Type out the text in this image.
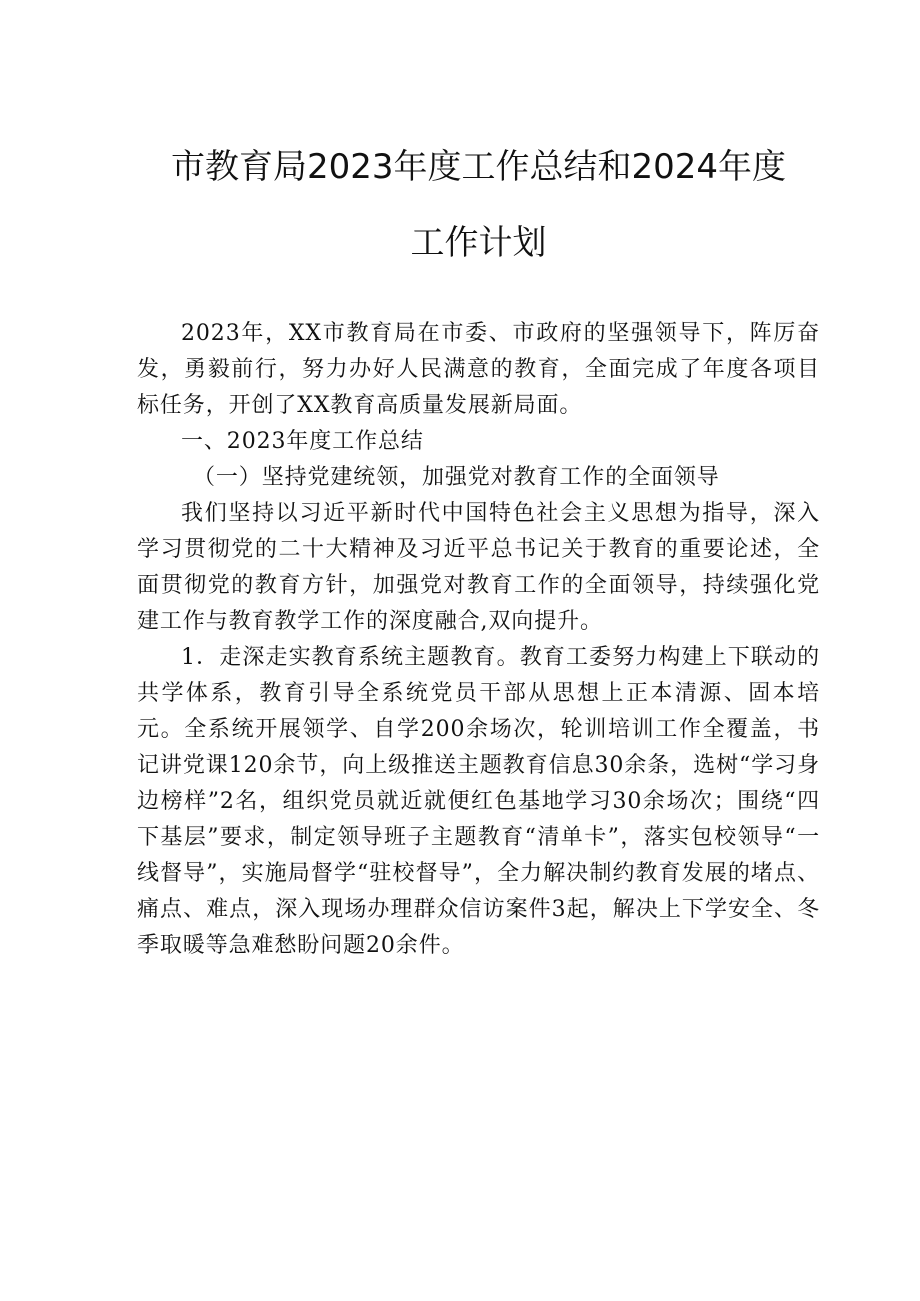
市教育局2023年度工作总结和2024年度
工作计划

2023年，XX市教育局在市委、市政府的坚强领导下，阵厉奋发，勇毅前行，努力办好人民满意的教育，全面完成了年度各项目标任务，开创了XX教育高质量发展新局面。

一、2023年度工作总结

（一）坚持党建统领，加强党对教育工作的全面领导

我们坚持以习近平新时代中国特色社会主义思想为指导，深入学习贯彻党的二十大精神及习近平总书记关于教育的重要论述，全面贯彻党的教育方针，加强党对教育工作的全面领导，持续强化党建工作与教育教学工作的深度融合,双向提升。

1．走深走实教育系统主题教育。教育工委努力构建上下联动的共学体系，教育引导全系统党员干部从思想上正本清源、固本培元。全系统开展领学、自学200余场次，轮训培训工作全覆盖，书记讲党课120余节，向上级推送主题教育信息30余条，选树“学习身边榜样”2名，组织党员就近就便红色基地学习30余场次；围绕“四下基层”要求，制定领导班子主题教育“清单卡”，落实包校领导“一线督导”，实施局督学“驻校督导”，全力解决制约教育发展的堵点、痛点、难点，深入现场办理群众信访案件3起，解决上下学安全、冬季取暖等急难愁盼问题20余件。
